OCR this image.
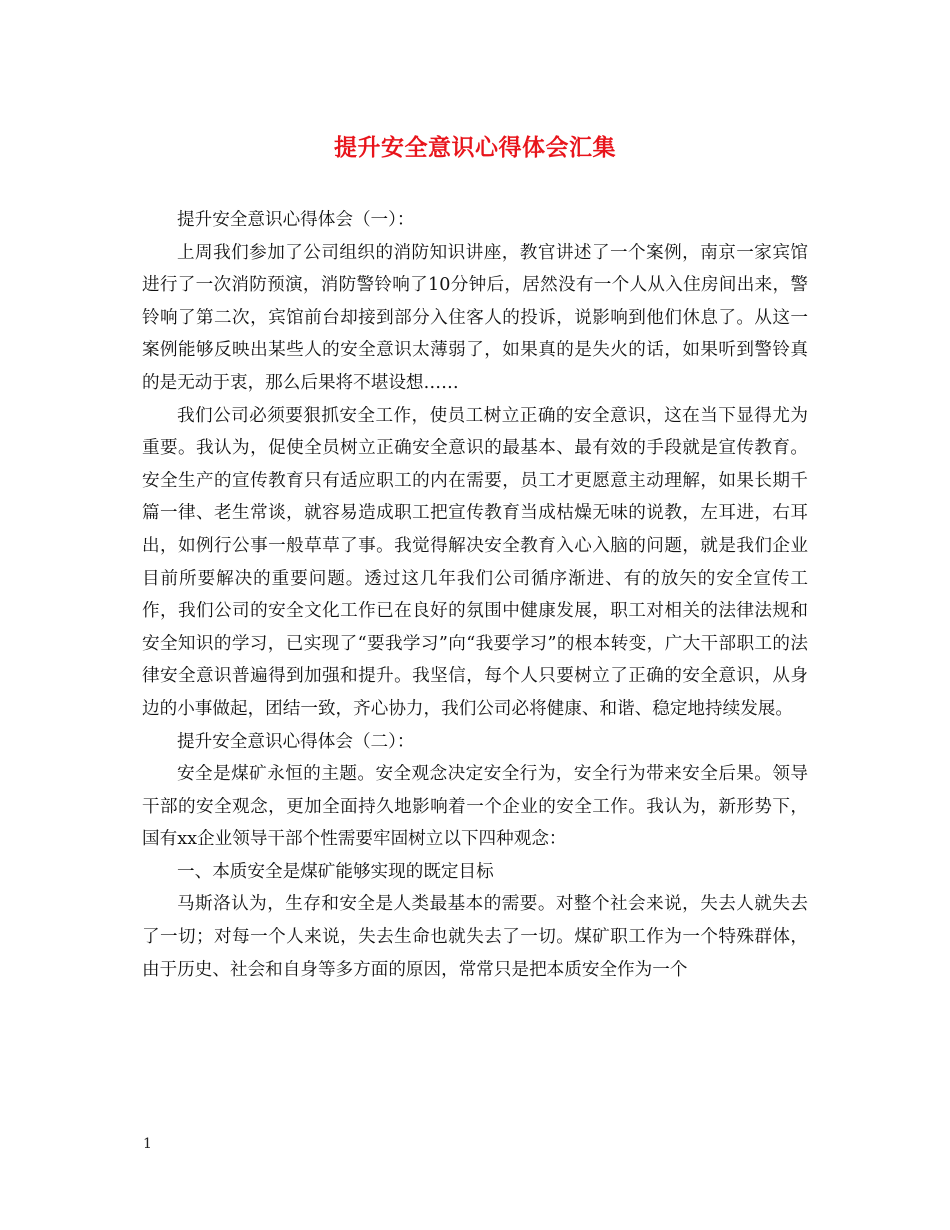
提升安全意识心得体会汇集

提升安全意识心得体会（一）：

上周我们参加了公司组织的消防知识讲座，教官讲述了一个案例，南京一家宾馆进行了一次消防预演，消防警铃响了10分钟后，居然没有一个人从入住房间出来，警铃响了第二次，宾馆前台却接到部分入住客人的投诉，说影响到他们休息了。从这一案例能够反映出某些人的安全意识太薄弱了，如果真的是失火的话，如果听到警铃真的是无动于衷，那么后果将不堪设想……

我们公司必须要狠抓安全工作，使员工树立正确的安全意识，这在当下显得尤为重要。我认为，促使全员树立正确安全意识的最基本、最有效的手段就是宣传教育。安全生产的宣传教育只有适应职工的内在需要，员工才更愿意主动理解，如果长期千篇一律、老生常谈，就容易造成职工把宣传教育当成枯燥无味的说教，左耳进，右耳出，如例行公事一般草草了事。我觉得解决安全教育入心入脑的问题，就是我们企业目前所要解决的重要问题。透过这几年我们公司循序渐进、有的放矢的安全宣传工作，我们公司的安全文化工作已在良好的氛围中健康发展，职工对相关的法律法规和安全知识的学习，已实现了“要我学习”向“我要学习”的根本转变，广大干部职工的法律安全意识普遍得到加强和提升。我坚信，每个人只要树立了正确的安全意识，从身边的小事做起，团结一致，齐心协力，我们公司必将健康、和谐、稳定地持续发展。

提升安全意识心得体会（二）：

安全是煤矿永恒的主题。安全观念决定安全行为，安全行为带来安全后果。领导干部的安全观念，更加全面持久地影响着一个企业的安全工作。我认为，新形势下，国有xx企业领导干部个性需要牢固树立以下四种观念：

一、本质安全是煤矿能够实现的既定目标

马斯洛认为，生存和安全是人类最基本的需要。对整个社会来说，失去人就失去了一切；对每一个人来说，失去生命也就失去了一切。煤矿职工作为一个特殊群体，由于历史、社会和自身等多方面的原因，常常只是把本质安全作为一个

1
